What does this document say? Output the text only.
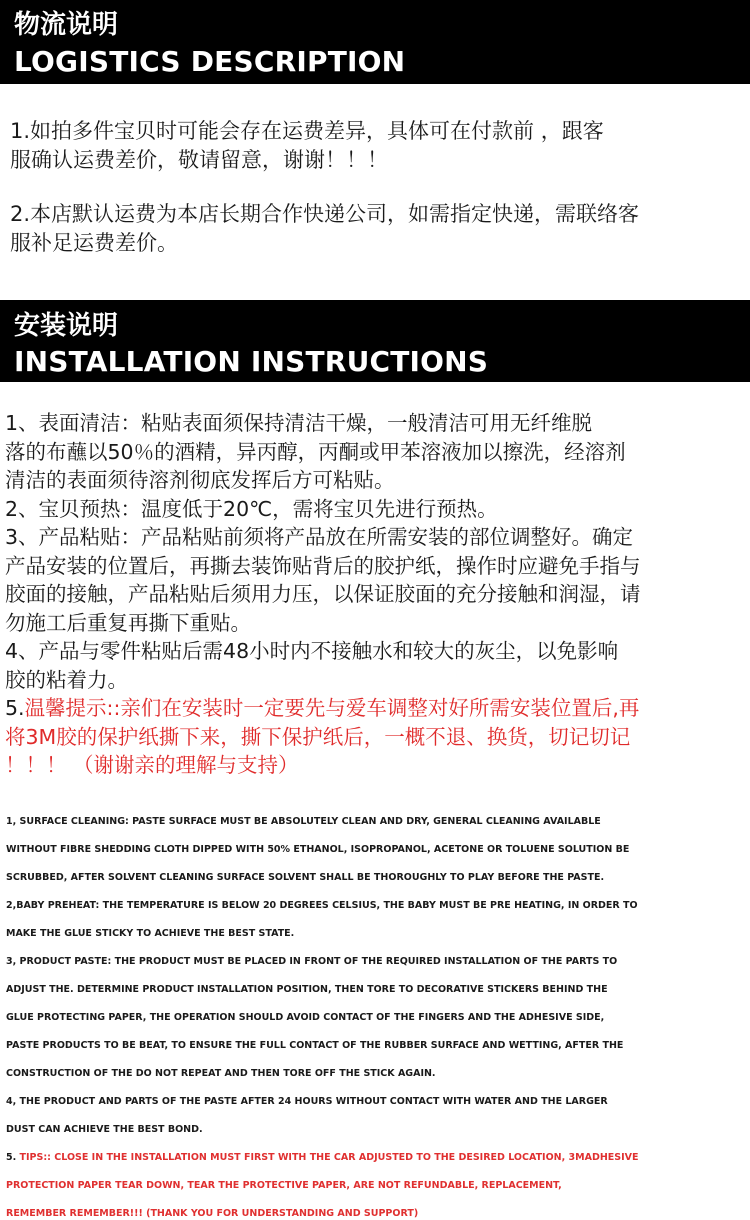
物流说明
LOGISTICS DESCRIPTION
1.如拍多件宝贝时可能会存在运费差异，具体可在付款前 ，跟客
服确认运费差价，敬请留意，谢谢！！！
2.本店默认运费为本店长期合作快递公司，如需指定快递，需联络客
服补足运费差价。
安装说明
INSTALLATION INSTRUCTIONS
1、表面清洁：粘贴表面须保持清洁干燥，一般清洁可用无纤维脱
落的布蘸以50％的酒精，异丙醇，丙酮或甲苯溶液加以擦洗，经溶剂
清洁的表面须待溶剂彻底发挥后方可粘贴。
2、宝贝预热：温度低于20℃，需将宝贝先进行预热。
3、产品粘贴：产品粘贴前须将产品放在所需安装的部位调整好。确定
产品安装的位置后，再撕去装饰贴背后的胶护纸，操作时应避免手指与
胶面的接触，产品粘贴后须用力压，以保证胶面的充分接触和润湿，请
勿施工后重复再撕下重贴。
4、产品与零件粘贴后需48小时内不接触水和较大的灰尘，以免影响
胶的粘着力。
5.温馨提示::亲们在安装时一定要先与爱车调整对好所需安装位置后,再
将3M胶的保护纸撕下来，撕下保护纸后，一概不退、换货，切记切记
！！！ （谢谢亲的理解与支持）
1, SURFACE CLEANING: PASTE SURFACE MUST BE ABSOLUTELY CLEAN AND DRY, GENERAL CLEANING AVAILABLE
WITHOUT FIBRE SHEDDING CLOTH DIPPED WITH 50% ETHANOL, ISOPROPANOL, ACETONE OR TOLUENE SOLUTION BE
SCRUBBED, AFTER SOLVENT CLEANING SURFACE SOLVENT SHALL BE THOROUGHLY TO PLAY BEFORE THE PASTE.
2,BABY PREHEAT: THE TEMPERATURE IS BELOW 20 DEGREES CELSIUS, THE BABY MUST BE PRE HEATING, IN ORDER TO
MAKE THE GLUE STICKY TO ACHIEVE THE BEST STATE.
3, PRODUCT PASTE: THE PRODUCT MUST BE PLACED IN FRONT OF THE REQUIRED INSTALLATION OF THE PARTS TO
ADJUST THE. DETERMINE PRODUCT INSTALLATION POSITION, THEN TORE TO DECORATIVE STICKERS BEHIND THE
GLUE PROTECTING PAPER, THE OPERATION SHOULD AVOID CONTACT OF THE FINGERS AND THE ADHESIVE SIDE,
PASTE PRODUCTS TO BE BEAT, TO ENSURE THE FULL CONTACT OF THE RUBBER SURFACE AND WETTING, AFTER THE
CONSTRUCTION OF THE DO NOT REPEAT AND THEN TORE OFF THE STICK AGAIN.
4, THE PRODUCT AND PARTS OF THE PASTE AFTER 24 HOURS WITHOUT CONTACT WITH WATER AND THE LARGER
DUST CAN ACHIEVE THE BEST BOND.
5. TIPS:: CLOSE IN THE INSTALLATION MUST FIRST WITH THE CAR ADJUSTED TO THE DESIRED LOCATION, 3MADHESIVE
PROTECTION PAPER TEAR DOWN, TEAR THE PROTECTIVE PAPER, ARE NOT REFUNDABLE, REPLACEMENT,
REMEMBER REMEMBER!!! (THANK YOU FOR UNDERSTANDING AND SUPPORT)
